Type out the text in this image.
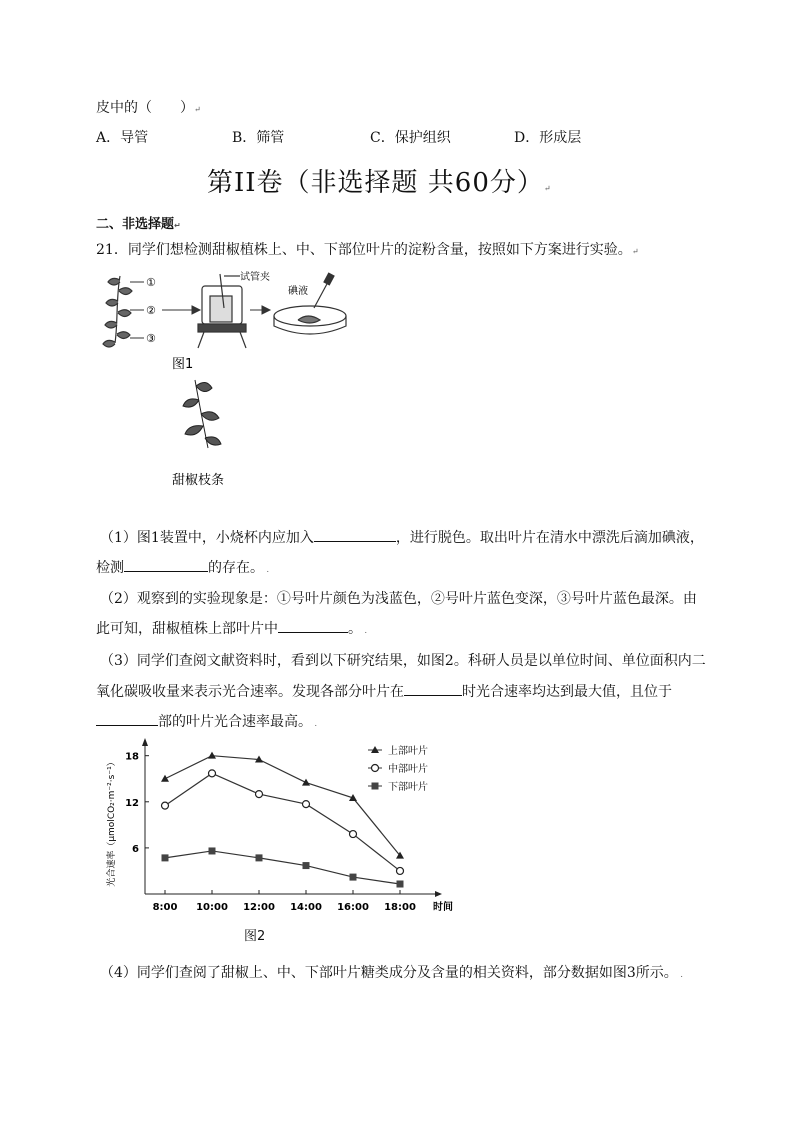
皮中的（　　）↵
A．导管	B．筛管	C．保护组织	D．形成层
第II卷（非选择题 共60分）↵
二、非选择题↵
21．同学们想检测甜椒植株上、中、下部位叶片的淀粉含量，按照如下方案进行实验。↵
①
②
③
试管夹
碘液
图1
甜椒枝条
（1）图1装置中，小烧杯内应加入	，进行脱色。取出叶片在清水中漂洗后滴加碘液，
检测	的存在。 .
（2）观察到的实验现象是：①号叶片颜色为浅蓝色，②号叶片蓝色变深，③号叶片蓝色最深。由
此可知，甜椒植株上部叶片中	。 .
（3）同学们查阅文献资料时，看到以下研究结果，如图2。科研人员是以单位时间、单位面积内二
氧化碳吸收量来表示光合速率。发现各部分叶片在	时光合速率均达到最大值，且位于
部的叶片光合速率最高。 .
8:00 10:00 12:00 14:00 16:00 18:00 时间
6
12
18
光合速率（μmolCO₂·m⁻²·s⁻¹）
上部叶片
中部叶片
下部叶片
图2
（4）同学们查阅了甜椒上、中、下部叶片糖类成分及含量的相关资料，部分数据如图3所示。 .
